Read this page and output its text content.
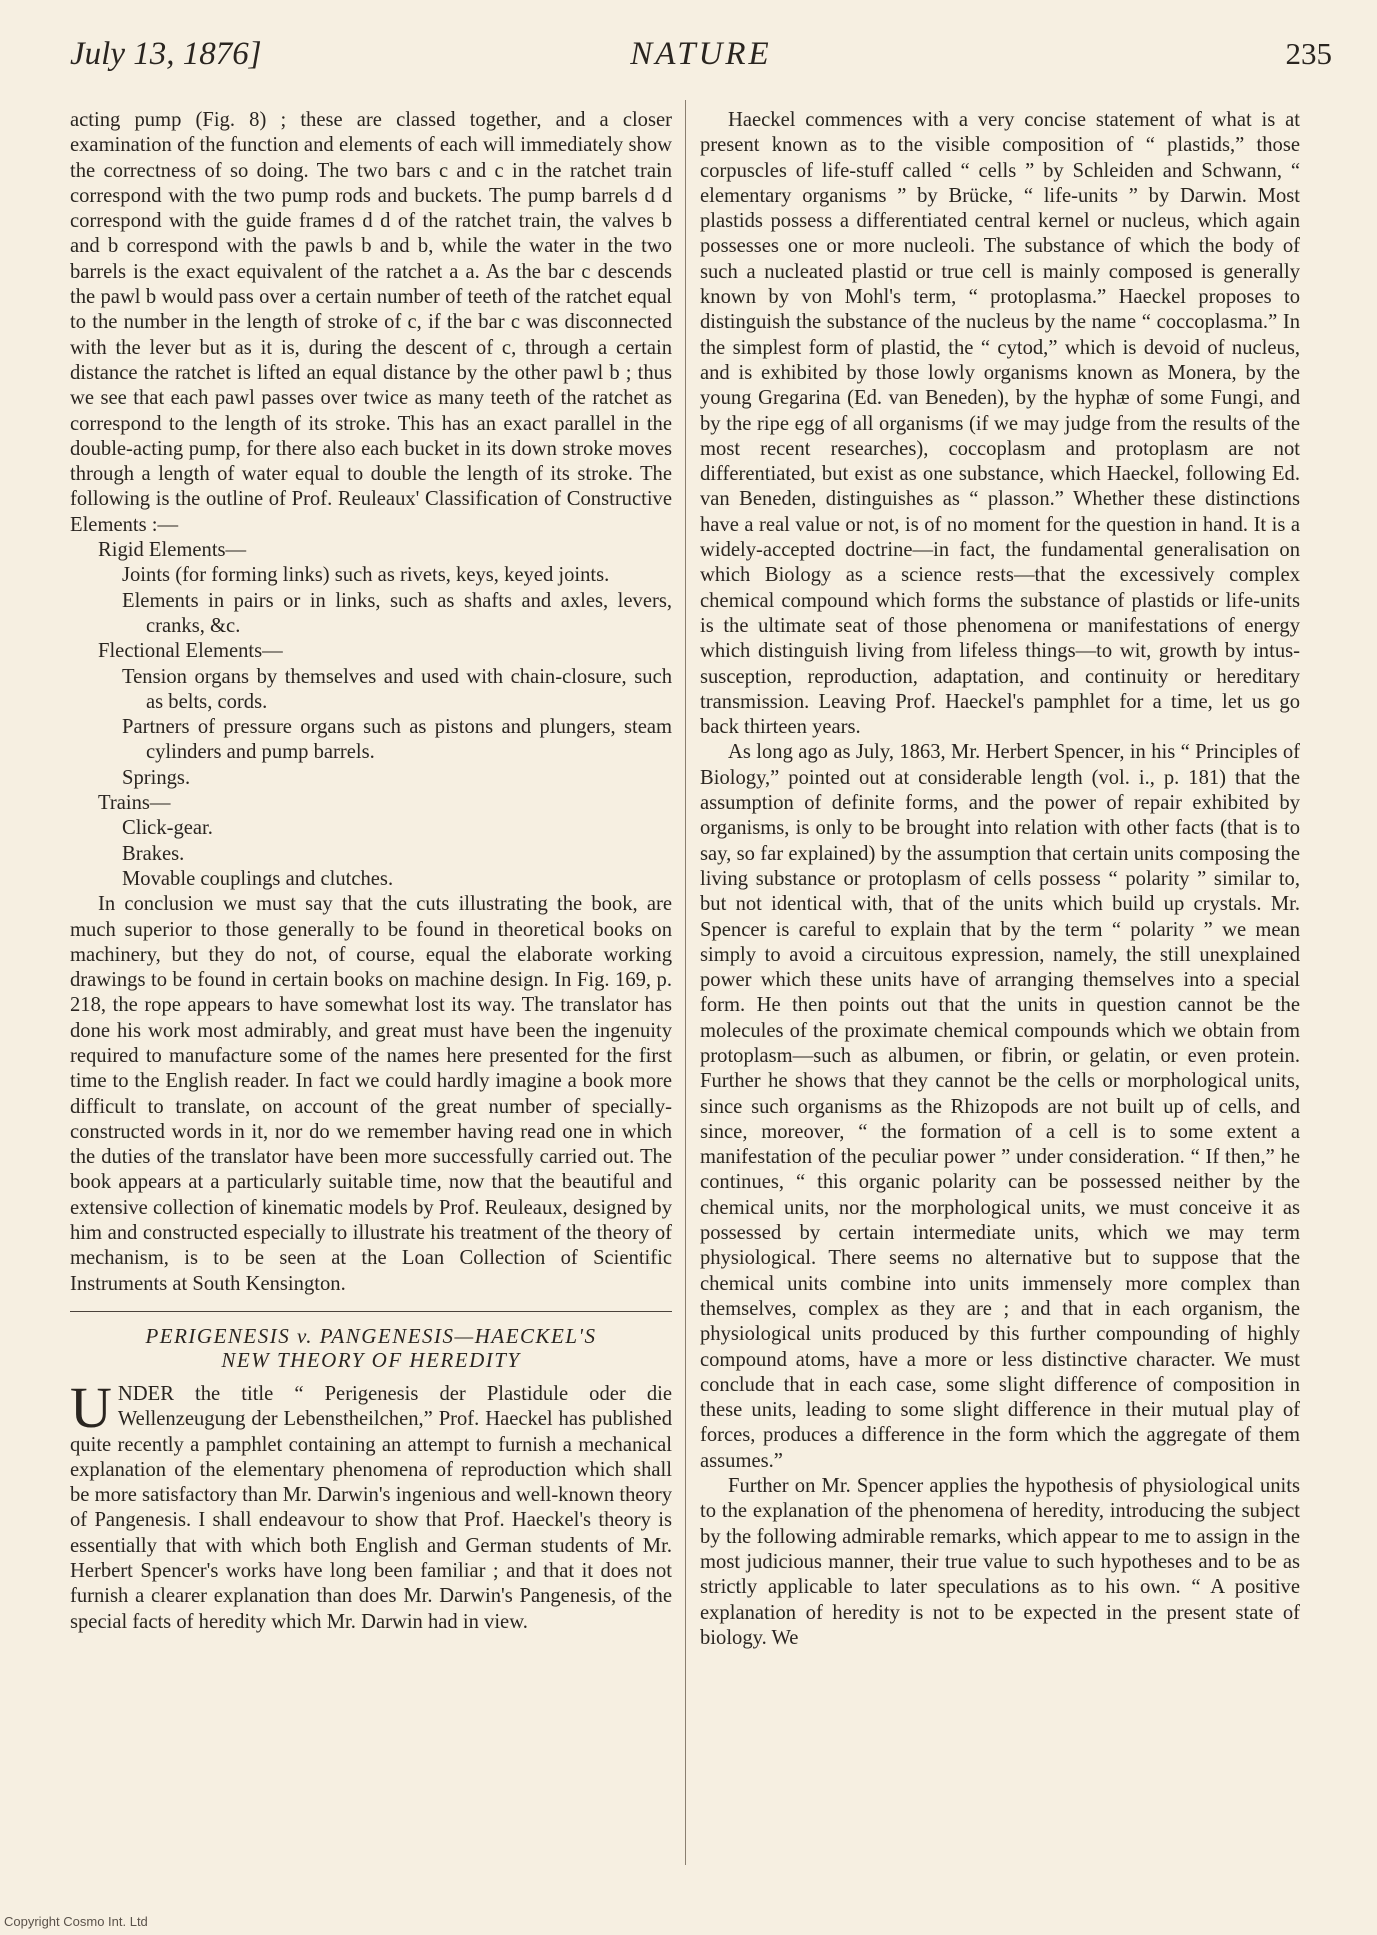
July 13, 1876]	NATURE	235

acting pump (Fig. 8) ; these are classed together, and a closer examination of the function and elements of each will immediately show the correctness of so doing. The two bars c and c in the ratchet train correspond with the two pump rods and buckets. The pump barrels d d correspond with the guide frames d d of the ratchet train, the valves b and b correspond with the pawls b and b, while the water in the two barrels is the exact equivalent of the ratchet a a. As the bar c descends the pawl b would pass over a certain number of teeth of the ratchet equal to the number in the length of stroke of c, if the bar c was disconnected with the lever but as it is, during the descent of c, through a certain distance the ratchet is lifted an equal distance by the other pawl b ; thus we see that each pawl passes over twice as many teeth of the ratchet as correspond to the length of its stroke. This has an exact parallel in the double-acting pump, for there also each bucket in its down stroke moves through a length of water equal to double the length of its stroke. The following is the outline of Prof. Reuleaux' Classification of Constructive Elements :—

Rigid Elements—

Joints (for forming links) such as rivets, keys, keyed joints.

Elements in pairs or in links, such as shafts and axles, levers, cranks, &c.

Flectional Elements—

Tension organs by themselves and used with chain-closure, such as belts, cords.

Partners of pressure organs such as pistons and plungers, steam cylinders and pump barrels.

Springs.

Trains—

Click-gear.

Brakes.

Movable couplings and clutches.

In conclusion we must say that the cuts illustrating the book, are much superior to those generally to be found in theoretical books on machinery, but they do not, of course, equal the elaborate working drawings to be found in certain books on machine design. In Fig. 169, p. 218, the rope appears to have somewhat lost its way. The translator has done his work most admirably, and great must have been the ingenuity required to manufacture some of the names here presented for the first time to the English reader. In fact we could hardly imagine a book more difficult to translate, on account of the great number of specially-constructed words in it, nor do we remember having read one in which the duties of the translator have been more successfully carried out. The book appears at a particularly suitable time, now that the beautiful and extensive collection of kinematic models by Prof. Reuleaux, designed by him and constructed especially to illustrate his treatment of the theory of mechanism, is to be seen at the Loan Collection of Scientific Instruments at South Kensington.

PERIGENESIS v. PANGENESIS—HAECKEL'S
NEW THEORY OF HEREDITY

UNDER the title “ Perigenesis der Plastidule oder die Wellenzeugung der Lebenstheilchen,” Prof. Haeckel has published quite recently a pamphlet containing an attempt to furnish a mechanical explanation of the elementary phenomena of reproduction which shall be more satisfactory than Mr. Darwin's ingenious and well-known theory of Pangenesis. I shall endeavour to show that Prof. Haeckel's theory is essentially that with which both English and German students of Mr. Herbert Spencer's works have long been familiar ; and that it does not furnish a clearer explanation than does Mr. Darwin's Pangenesis, of the special facts of heredity which Mr. Darwin had in view.

Haeckel commences with a very concise statement of what is at present known as to the visible composition of “ plastids,” those corpuscles of life-stuff called “ cells ” by Schleiden and Schwann, “ elementary organisms ” by Brücke, “ life-units ” by Darwin. Most plastids possess a differentiated central kernel or nucleus, which again possesses one or more nucleoli. The substance of which the body of such a nucleated plastid or true cell is mainly composed is generally known by von Mohl's term, “ protoplasma.” Haeckel proposes to distinguish the substance of the nucleus by the name “ coccoplasma.” In the simplest form of plastid, the “ cytod,” which is devoid of nucleus, and is exhibited by those lowly organisms known as Monera, by the young Gregarina (Ed. van Beneden), by the hyphæ of some Fungi, and by the ripe egg of all organisms (if we may judge from the results of the most recent researches), coccoplasm and protoplasm are not differentiated, but exist as one substance, which Haeckel, following Ed. van Beneden, distinguishes as “ plasson.” Whether these distinctions have a real value or not, is of no moment for the question in hand. It is a widely-accepted doctrine—in fact, the fundamental generalisation on which Biology as a science rests—that the excessively complex chemical compound which forms the substance of plastids or life-units is the ultimate seat of those phenomena or manifestations of energy which distinguish living from lifeless things—to wit, growth by intus-susception, reproduction, adaptation, and continuity or hereditary transmission. Leaving Prof. Haeckel's pamphlet for a time, let us go back thirteen years.

As long ago as July, 1863, Mr. Herbert Spencer, in his “ Principles of Biology,” pointed out at considerable length (vol. i., p. 181) that the assumption of definite forms, and the power of repair exhibited by organisms, is only to be brought into relation with other facts (that is to say, so far explained) by the assumption that certain units composing the living substance or protoplasm of cells possess “ polarity ” similar to, but not identical with, that of the units which build up crystals. Mr. Spencer is careful to explain that by the term “ polarity ” we mean simply to avoid a circuitous expression, namely, the still unexplained power which these units have of arranging themselves into a special form. He then points out that the units in question cannot be the molecules of the proximate chemical compounds which we obtain from protoplasm—such as albumen, or fibrin, or gelatin, or even protein. Further he shows that they cannot be the cells or morphological units, since such organisms as the Rhizopods are not built up of cells, and since, moreover, “ the formation of a cell is to some extent a manifestation of the peculiar power ” under consideration. “ If then,” he continues, “ this organic polarity can be possessed neither by the chemical units, nor the morphological units, we must conceive it as possessed by certain intermediate units, which we may term physiological. There seems no alternative but to suppose that the chemical units combine into units immensely more complex than themselves, complex as they are ; and that in each organism, the physiological units produced by this further compounding of highly compound atoms, have a more or less distinctive character. We must conclude that in each case, some slight difference of composition in these units, leading to some slight difference in their mutual play of forces, produces a difference in the form which the aggregate of them assumes.”

Further on Mr. Spencer applies the hypothesis of physiological units to the explanation of the phenomena of heredity, introducing the subject by the following admirable remarks, which appear to me to assign in the most judicious manner, their true value to such hypotheses and to be as strictly applicable to later speculations as to his own. “ A positive explanation of heredity is not to be expected in the present state of biology. We

Copyright Cosmo Int. Ltd
